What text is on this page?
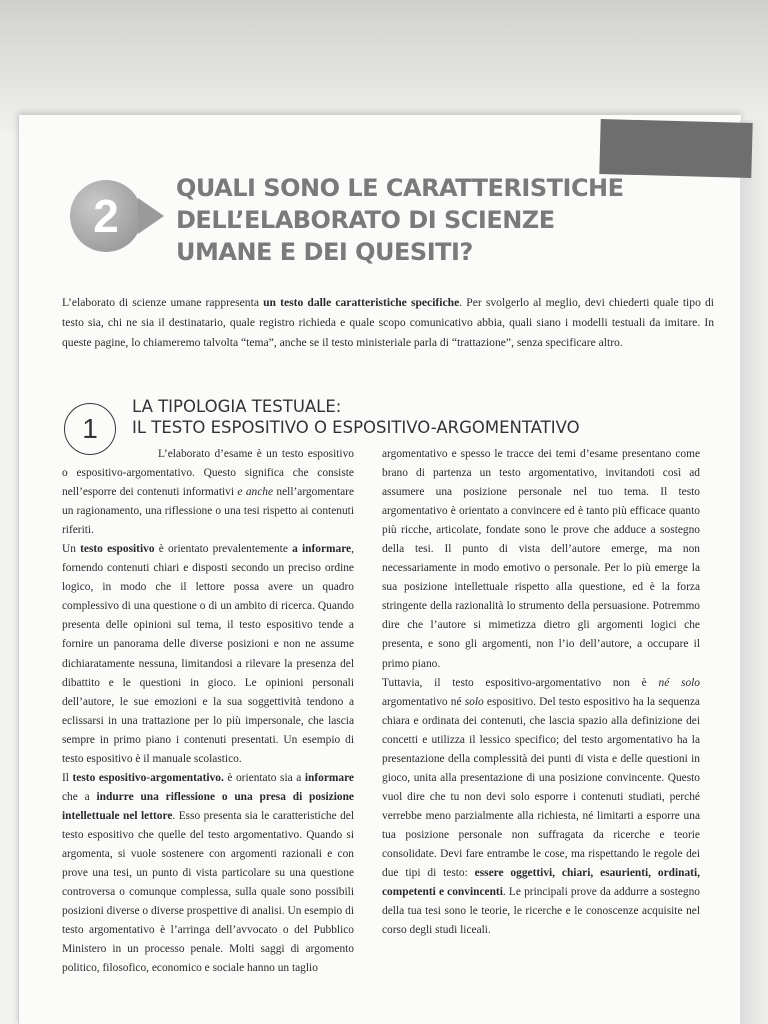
2
QUALI SONO LE CARATTERISTICHE
DELL’ELABORATO DI SCIENZE
UMANE E DEI QUESITI?
L’elaborato di scienze umane rappresenta un testo dalle caratteristiche specifiche. Per svolgerlo al meglio, devi chiederti quale tipo di testo sia, chi ne sia il destinatario, quale registro richieda e quale scopo comunicativo abbia, quali siano i modelli testuali da imitare. In queste pagine, lo chiameremo talvolta “tema”, anche se il testo ministeriale parla di “trattazione”, senza specificare altro.
1
LA TIPOLOGIA TESTUALE:
IL TESTO ESPOSITIVO O ESPOSITIVO-ARGOMENTATIVO

L’elaborato d’esame è un testo espositivo o espositivo-argomentativo. Questo significa che consiste nell’esporre dei contenuti informativi e anche nell’argomentare un ragionamento, una riflessione o una tesi rispetto ai contenuti riferiti.

Un testo espositivo è orientato prevalentemente a informare, fornendo contenuti chiari e disposti secondo un preciso ordine logico, in modo che il lettore possa avere un quadro complessivo di una questione o di un ambito di ricerca. Quando presenta delle opinioni sul tema, il testo espositivo tende a fornire un panorama delle diverse posizioni e non ne assume dichiaratamente nessuna, limitandosi a rilevare la presenza del dibattito e le questioni in gioco. Le opinioni personali dell’autore, le sue emozioni e la sua soggettività tendono a eclissarsi in una trattazione per lo più impersonale, che lascia sempre in primo piano i contenuti presentati. Un esempio di testo espositivo è il manuale scolastico.

Il testo espositivo-argomentativo. è orientato sia a informare che a indurre una riflessione o una presa di posizione intellettuale nel lettore. Esso presenta sia le caratteristiche del testo espositivo che quelle del testo argomentativo. Quando si argomenta, si vuole sostenere con argomenti razionali e con prove una tesi, un punto di vista particolare su una questione controversa o comunque complessa, sulla quale sono possibili posizioni diverse o diverse prospettive di analisi. Un esempio di testo argomentativo è l’arringa dell’avvocato o del Pubblico Ministero in un processo penale. Molti saggi di argomento politico, filosofico, economico e sociale hanno un taglio

argomentativo e spesso le tracce dei temi d’esame presentano come brano di partenza un testo argomentativo, invitandoti così ad assumere una posizione personale nel tuo tema. Il testo argomentativo è orientato a convincere ed è tanto più efficace quanto più ricche, articolate, fondate sono le prove che adduce a sostegno della tesi. Il punto di vista dell’autore emerge, ma non necessariamente in modo emotivo o personale. Per lo più emerge la sua posizione intellettuale rispetto alla questione, ed è la forza stringente della razionalità lo strumento della persuasione. Potremmo dire che l’autore si mimetizza dietro gli argomenti logici che presenta, e sono gli argomenti, non l’io dell’autore, a occupare il primo piano.

Tuttavia, il testo espositivo-argomentativo non è né solo argomentativo né solo espositivo. Del testo espositivo ha la sequenza chiara e ordinata dei contenuti, che lascia spazio alla definizione dei concetti e utilizza il lessico specifico; del testo argomentativo ha la presentazione della complessità dei punti di vista e delle questioni in gioco, unita alla presentazione di una posizione convincente. Questo vuol dire che tu non devi solo esporre i contenuti studiati, perché verrebbe meno parzialmente alla richiesta, né limitarti a esporre una tua posizione personale non suffragata da ricerche e teorie consolidate. Devi fare entrambe le cose, ma rispettando le regole dei due tipi di testo: essere oggettivi, chiari, esaurienti, ordinati, competenti e convincenti. Le principali prove da addurre a sostegno della tua tesi sono le teorie, le ricerche e le conoscenze acquisite nel corso degli studi liceali.
